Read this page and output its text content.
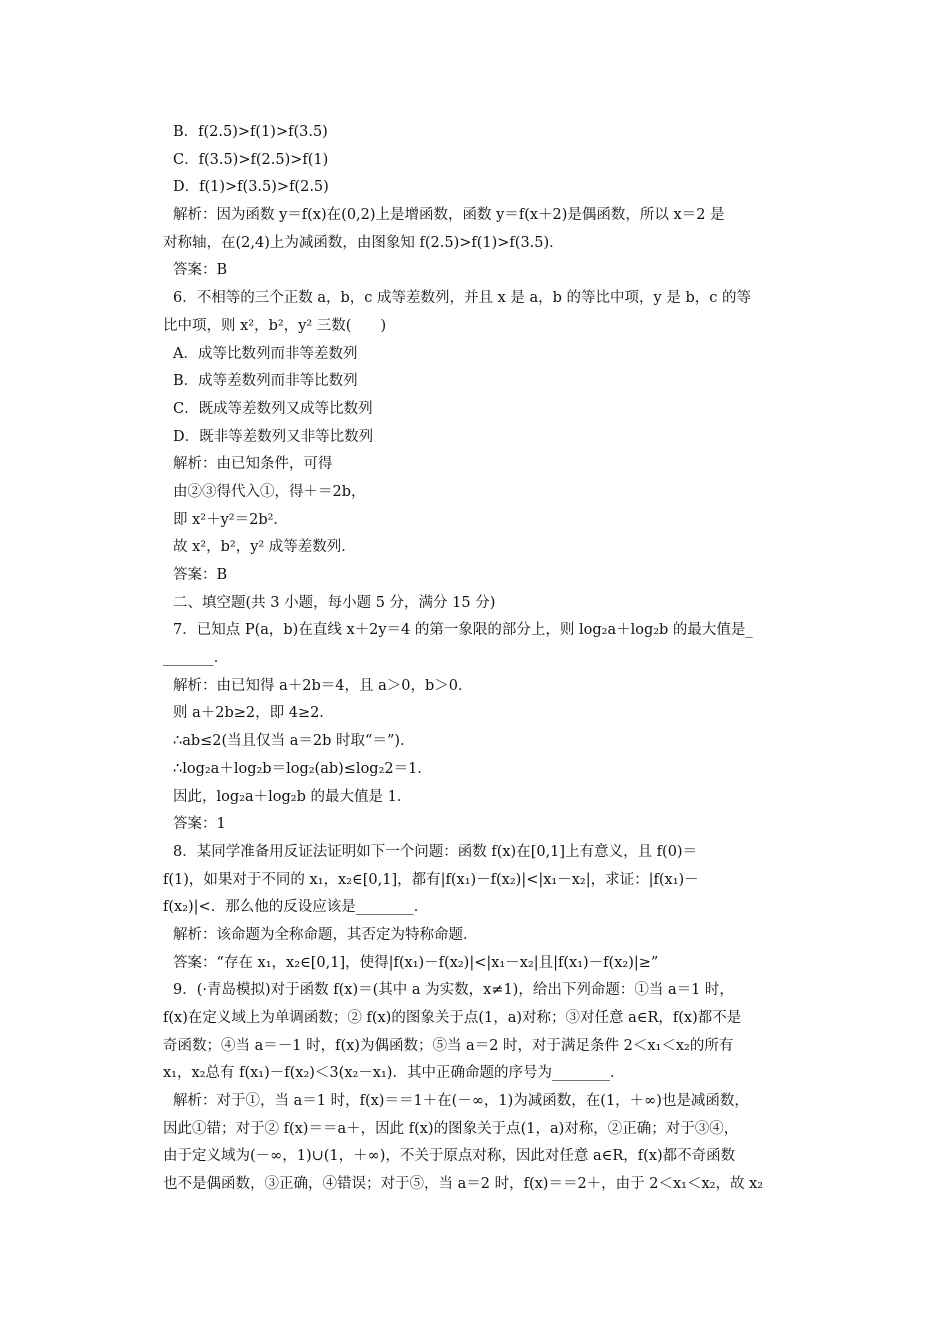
B．f(2.5)>f(1)>f(3.5)
C．f(3.5)>f(2.5)>f(1)
D．f(1)>f(3.5)>f(2.5)
解析：因为函数 y＝f(x)在(0,2)上是增函数，函数 y＝f(x＋2)是偶函数，所以 x＝2 是
对称轴，在(2,4)上为减函数，由图象知 f(2.5)>f(1)>f(3.5)．
答案：B
6．不相等的三个正数 a，b，c 成等差数列，并且 x 是 a，b 的等比中项，y 是 b，c 的等
比中项，则 x²，b²，y² 三数(　　)
A．成等比数列而非等差数列
B．成等差数列而非等比数列
C．既成等差数列又成等比数列
D．既非等差数列又非等比数列
解析：由已知条件，可得
由②③得代入①，得＋＝2b，
即 x²＋y²＝2b²．
故 x²，b²，y² 成等差数列．
答案：B
二、填空题(共 3 小题，每小题 5 分，满分 15 分)
7．已知点 P(a，b)在直线 x＋2y＝4 的第一象限的部分上，则 log₂a＋log₂b 的最大值是_
_______．
解析：由已知得 a＋2b＝4，且 a＞0，b＞0．
则 a＋2b≥2，即 4≥2．
∴ab≤2(当且仅当 a＝2b 时取“＝”)．
∴log₂a＋log₂b＝log₂(ab)≤log₂2＝1．
因此，log₂a＋log₂b 的最大值是 1．
答案：1
8．某同学准备用反证法证明如下一个问题：函数 f(x)在[0,1]上有意义，且 f(0)＝
f(1)，如果对于不同的 x₁，x₂∈[0,1]，都有|f(x₁)－f(x₂)|<|x₁－x₂|，求证：|f(x₁)－
f(x₂)|<．那么他的反设应该是________．
解析：该命题为全称命题，其否定为特称命题．
答案：“存在 x₁，x₂∈[0,1]，使得|f(x₁)－f(x₂)|<|x₁－x₂|且|f(x₁)－f(x₂)|≥”
9．(·青岛模拟)对于函数 f(x)＝(其中 a 为实数，x≠1)，给出下列命题：①当 a＝1 时，
f(x)在定义域上为单调函数；② f(x)的图象关于点(1，a)对称；③对任意 a∈R，f(x)都不是
奇函数；④当 a＝－1 时，f(x)为偶函数；⑤当 a＝2 时，对于满足条件 2＜x₁＜x₂的所有
x₁，x₂总有 f(x₁)－f(x₂)＜3(x₂－x₁)．其中正确命题的序号为________．
解析：对于①，当 a＝1 时，f(x)＝＝1＋在(－∞，1)为减函数，在(1，＋∞)也是减函数，
因此①错；对于② f(x)＝＝a＋，因此 f(x)的图象关于点(1，a)对称，②正确；对于③④，
由于定义域为(－∞，1)∪(1，＋∞)，不关于原点对称，因此对任意 a∈R，f(x)都不奇函数
也不是偶函数，③正确，④错误；对于⑤，当 a＝2 时，f(x)＝＝2＋，由于 2＜x₁＜x₂，故 x₂
